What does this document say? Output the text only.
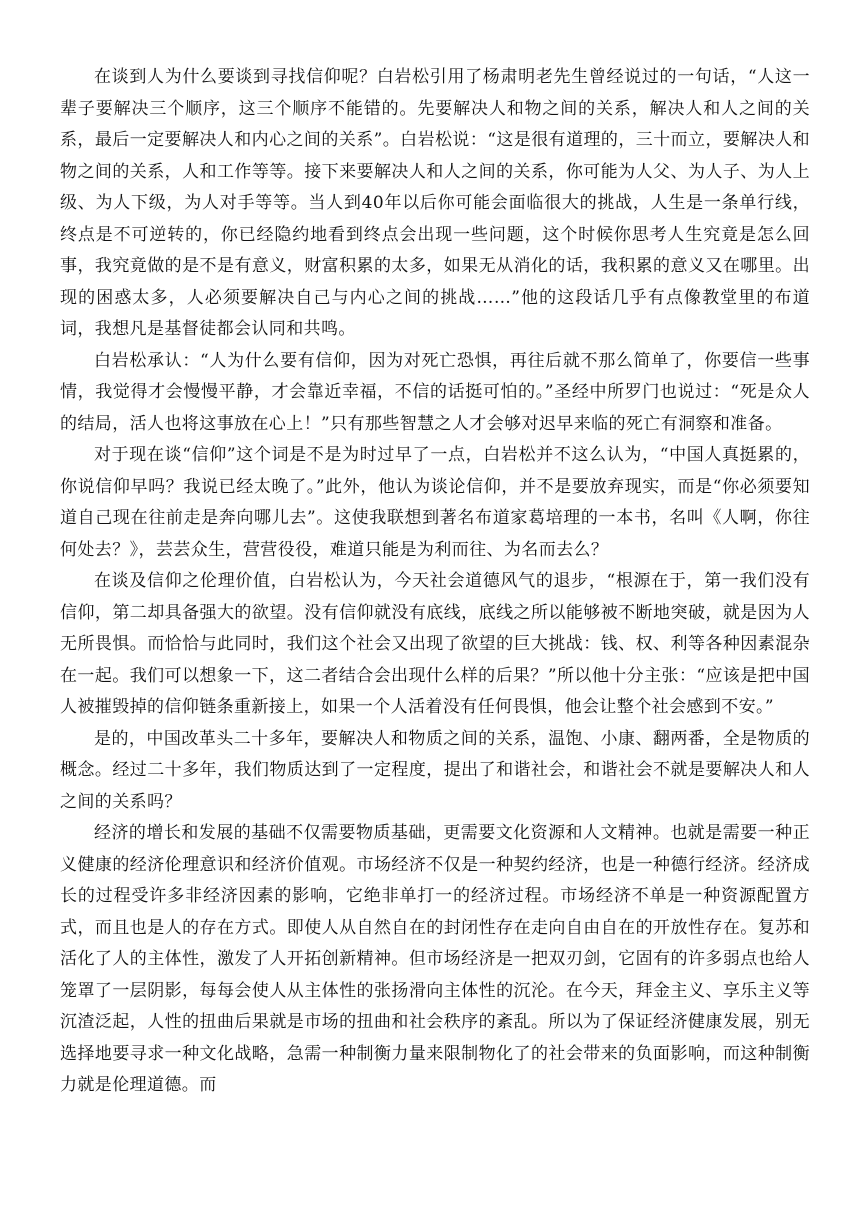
在谈到人为什么要谈到寻找信仰呢？白岩松引用了杨肃明老先生曾经说过的一句话，“人这一辈子要解决三个顺序，这三个顺序不能错的。先要解决人和物之间的关系，解决人和人之间的关系，最后一定要解决人和内心之间的关系”。白岩松说：“这是很有道理的，三十而立，要解决人和物之间的关系，人和工作等等。接下来要解决人和人之间的关系，你可能为人父、为人子、为人上级、为人下级，为人对手等等。当人到40年以后你可能会面临很大的挑战，人生是一条单行线，终点是不可逆转的，你已经隐约地看到终点会出现一些问题，这个时候你思考人生究竟是怎么回事，我究竟做的是不是有意义，财富积累的太多，如果无从消化的话，我积累的意义又在哪里。出现的困惑太多，人必须要解决自己与内心之间的挑战……”他的这段话几乎有点像教堂里的布道词，我想凡是基督徒都会认同和共鸣。

白岩松承认：“人为什么要有信仰，因为对死亡恐惧，再往后就不那么简单了，你要信一些事情，我觉得才会慢慢平静，才会靠近幸福，不信的话挺可怕的。”圣经中所罗门也说过：“死是众人的结局，活人也将这事放在心上！”只有那些智慧之人才会够对迟早来临的死亡有洞察和准备。

对于现在谈“信仰”这个词是不是为时过早了一点，白岩松并不这么认为，“中国人真挺累的，你说信仰早吗？我说已经太晚了。”此外，他认为谈论信仰，并不是要放弃现实，而是“你必须要知道自己现在往前走是奔向哪儿去”。这使我联想到著名布道家葛培理的一本书，名叫《人啊，你往何处去？》，芸芸众生，营营役役，难道只能是为利而往、为名而去么？

在谈及信仰之伦理价值，白岩松认为，今天社会道德风气的退步，“根源在于，第一我们没有信仰，第二却具备强大的欲望。没有信仰就没有底线，底线之所以能够被不断地突破，就是因为人无所畏惧。而恰恰与此同时，我们这个社会又出现了欲望的巨大挑战：钱、权、利等各种因素混杂在一起。我们可以想象一下，这二者结合会出现什么样的后果？”所以他十分主张：“应该是把中国人被摧毁掉的信仰链条重新接上，如果一个人活着没有任何畏惧，他会让整个社会感到不安。”

是的，中国改革头二十多年，要解决人和物质之间的关系，温饱、小康、翻两番，全是物质的概念。经过二十多年，我们物质达到了一定程度，提出了和谐社会，和谐社会不就是要解决人和人之间的关系吗？

经济的增长和发展的基础不仅需要物质基础，更需要文化资源和人文精神。也就是需要一种正义健康的经济伦理意识和经济价值观。市场经济不仅是一种契约经济，也是一种德行经济。经济成长的过程受许多非经济因素的影响，它绝非单打一的经济过程。市场经济不单是一种资源配置方式，而且也是人的存在方式。即使人从自然自在的封闭性存在走向自由自在的开放性存在。复苏和活化了人的主体性，激发了人开拓创新精神。但市场经济是一把双刃剑，它固有的许多弱点也给人笼罩了一层阴影，每每会使人从主体性的张扬滑向主体性的沉沦。在今天，拜金主义、享乐主义等沉渣泛起，人性的扭曲后果就是市场的扭曲和社会秩序的紊乱。所以为了保证经济健康发展，别无选择地要寻求一种文化战略，急需一种制衡力量来限制物化了的社会带来的负面影响，而这种制衡力就是伦理道德。而
